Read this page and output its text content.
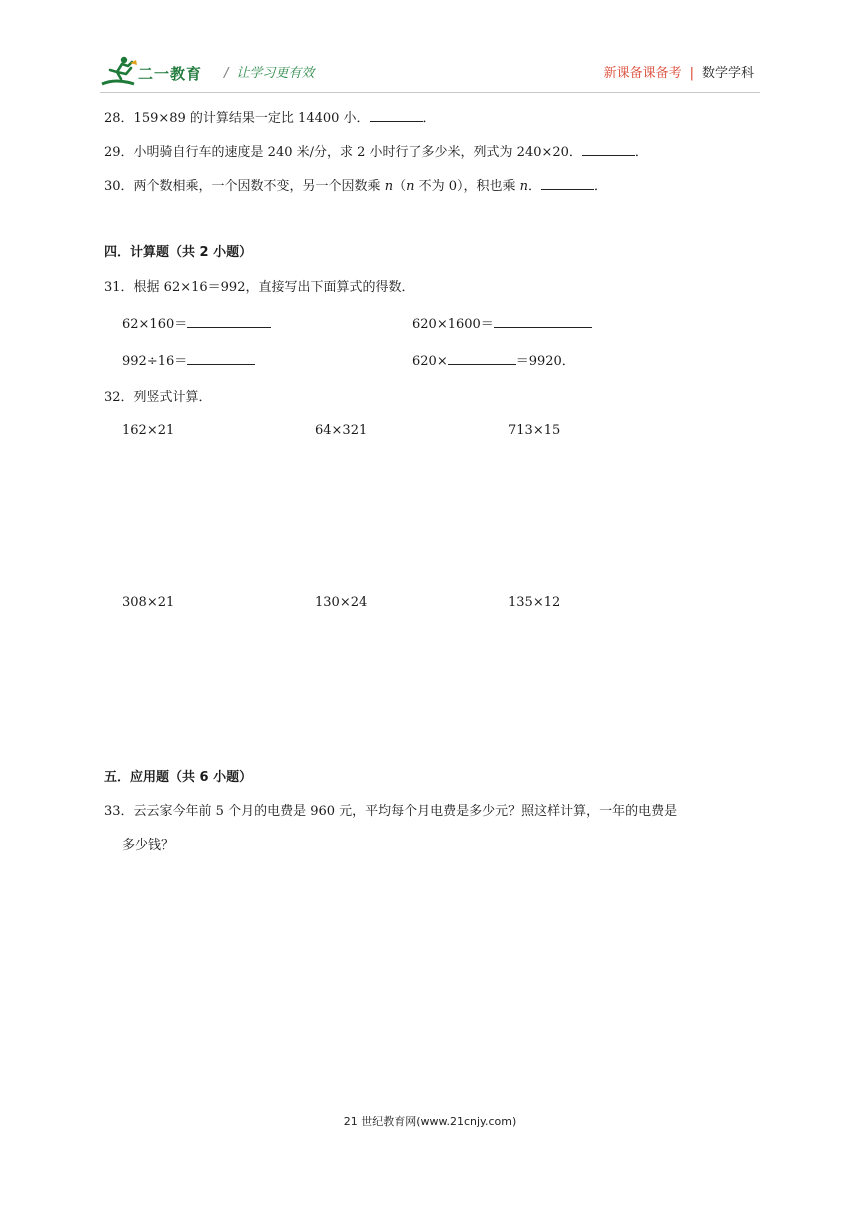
二一教育 / 让学习更有效	新课备课备考 | 数学学科
28．159×89 的计算结果一定比 14400 小．	．
29．小明骑自行车的速度是 240 米/分，求 2 小时行了多少米，列式为 240×20．	．
30．两个数相乘，一个因数不变，另一个因数乘 n（n 不为 0），积也乘 n．	．
四．计算题（共 2 小题）
31．根据 62×16＝992，直接写出下面算式的得数．
62×160＝	620×1600＝
992÷16＝	620×	＝9920．
32．列竖式计算．
162×21	64×321	713×15
308×21	130×24	135×12
五．应用题（共 6 小题）
33．云云家今年前 5 个月的电费是 960 元，平均每个月电费是多少元？照这样计算，一年的电费是
多少钱？
21 世纪教育网(www.21cnjy.com)
